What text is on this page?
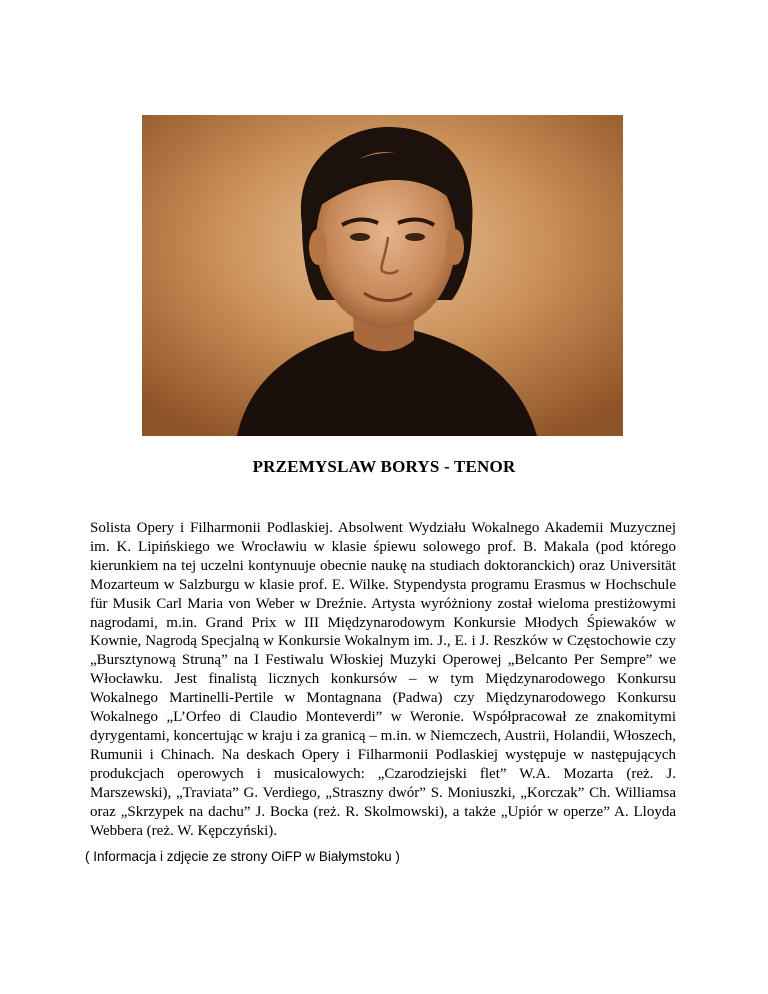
PRZEMYSLAW BORYS - TENOR

Solista Opery i Filharmonii Podlaskiej. Absolwent Wydziału Wokalnego Akademii Muzycznej im. K. Lipińskiego we Wrocławiu w klasie śpiewu solowego prof. B. Makala (pod którego kierunkiem na tej uczelni kontynuuje obecnie naukę na studiach doktoranckich) oraz Universität Mozarteum w Salzburgu w klasie prof. E. Wilke. Stypendysta programu Erasmus w Hochschule für Musik Carl Maria von Weber w Dreźnie. Artysta wyróżniony został wieloma prestiżowymi nagrodami, m.in. Grand Prix w III Międzynarodowym Konkursie Młodych Śpiewaków w Kownie, Nagrodą Specjalną w Konkursie Wokalnym im. J., E. i J. Reszków w Częstochowie czy „Bursztynową Struną” na I Festiwalu Włoskiej Muzyki Operowej „Belcanto Per Sempre” we Włocławku. Jest finalistą licznych konkursów – w tym Międzynarodowego Konkursu Wokalnego Martinelli-Pertile w Montagnana (Padwa) czy Międzynarodowego Konkursu Wokalnego „L’Orfeo di Claudio Monteverdi” w Weronie. Współpracował ze znakomitymi dyrygentami, koncertując w kraju i za granicą – m.in. w Niemczech, Austrii, Holandii, Włoszech, Rumunii i Chinach. Na deskach Opery i Filharmonii Podlaskiej występuje w następujących produkcjach operowych i musicalowych: „Czarodziejski flet” W.A. Mozarta (reż. J. Marszewski), „Traviata” G. Verdiego, „Straszny dwór” S. Moniuszki, „Korczak” Ch. Williamsa oraz „Skrzypek na dachu” J. Bocka (reż. R. Skolmowski), a także „Upiór w operze” A. Lloyda Webbera (reż. W. Kępczyński).

( Informacja i zdjęcie ze strony OiFP w Białymstoku )
